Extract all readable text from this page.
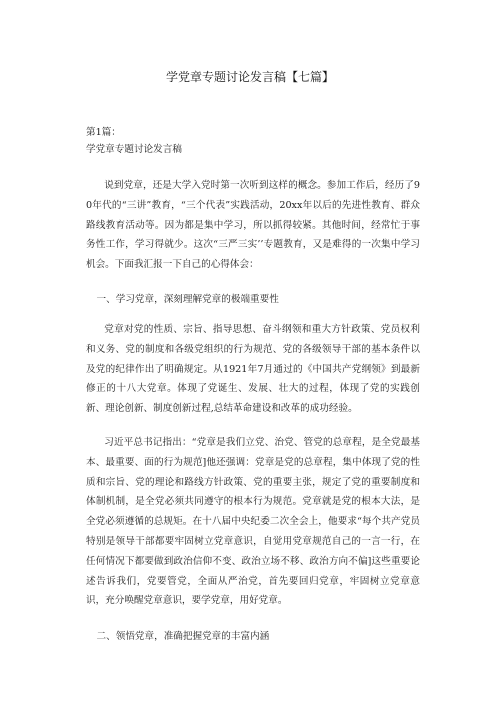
学党章专题讨论发言稿【七篇】
第1篇：
学党章专题讨论发言稿
说到党章，还是大学入党时第一次听到这样的概念。参加工作后，经历了90年代的“三讲”教育，“三个代表”实践活动，20xx年以后的先进性教育、群众路线教育活动等。因为都是集中学习，所以抓得较紧。其他时间，经常忙于事务性工作，学习得就少。这次“三严三实’’专题教育，又是难得的一次集中学习机会。下面我汇报一下自己的心得体会：
一、学习党章，深刻理解党章的极端重要性
党章对党的性质、宗旨、指导思想、奋斗纲领和重大方针政策、党员权利和义务、党的制度和各级党组织的行为规范、党的各级领导干部的基本条件以及党的纪律作出了明确规定。从1921年7月通过的《中国共产党纲领》到最新修正的十八大党章。体现了党诞生、发展、壮大的过程，体现了党的实践创新、理论创新、制度创新过程,总结革命建设和改革的成功经验。
习近平总书记指出：“党章是我们立党、治党、管党的总章程，是全党最基本、最重要、面的行为规范]他还强调：党章是党的总章程，集中体现了党的性质和宗旨、党的理论和路线方针政策、党的重要主张，规定了党的重要制度和体制机制，是全党必须共同遵守的根本行为规范。党章就是党的根本大法，是全党必须遵循的总规矩。在十八届中央纪委二次全会上，他要求“每个共产党员特别是领导干部都要牢固树立党章意识，自觉用党章规范自己的一言一行，在任何情况下都要做到政治信仰不变、政治立场不移、政治方向不偏]这些重要论述告诉我们，党要管党，全面从严治党，首先要回归党章，牢固树立党章意识，充分唤醒党章意识，要学党章，用好党章。
二、领悟党章，准确把握党章的丰富内涵
